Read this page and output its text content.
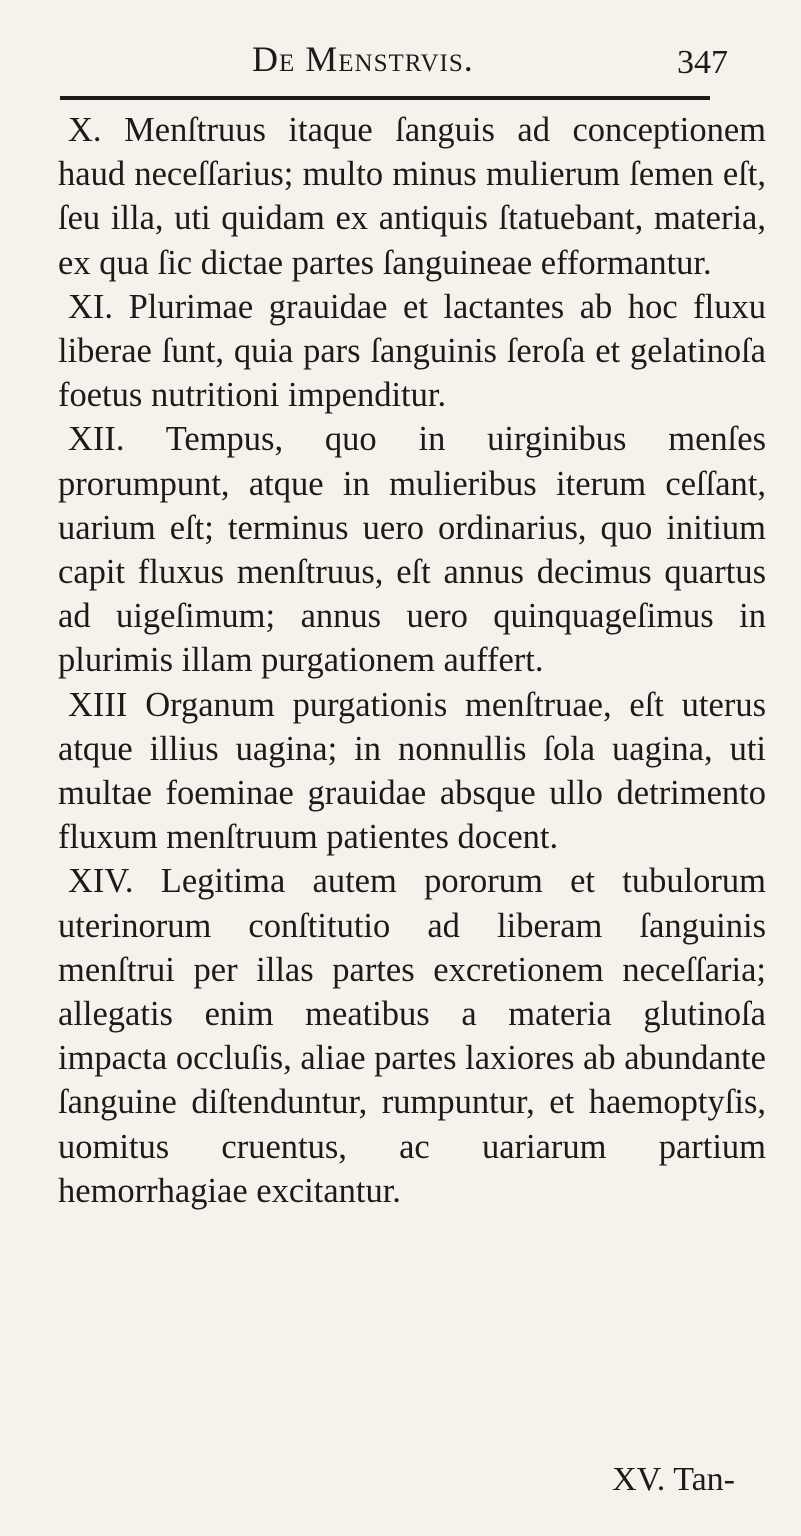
De Menstrvis.	347

X. Menſtruus itaque ſanguis ad conceptionem haud neceſſarius; multo minus mulierum ſemen eſt, ſeu illa, uti quidam ex antiquis ſtatuebant, materia, ex qua ſic dictae partes ſanguineae efformantur.

XI. Plurimae grauidae et lactantes ab hoc fluxu liberae ſunt, quia pars ſanguinis ſeroſa et gelatinoſa foetus nutritioni impenditur.

XII. Tempus, quo in uirginibus menſes prorumpunt, atque in mulieribus iterum ceſſant, uarium eſt; terminus uero ordinarius, quo initium capit fluxus menſtruus, eſt annus decimus quartus ad uigeſimum; annus uero quinquageſimus in plurimis illam purgationem auffert.

XIII Organum purgationis menſtruae, eſt uterus atque illius uagina; in nonnullis ſola uagina, uti multae foeminae grauidae absque ullo detrimento fluxum menſtruum patientes docent.

XIV. Legitima autem pororum et tubulorum uterinorum conſtitutio ad liberam ſanguinis menſtrui per illas partes excretionem neceſſaria; allegatis enim meatibus a materia glutinoſa impacta occluſis, aliae partes laxiores ab abundante ſanguine diſtenduntur, rumpuntur, et haemoptyſis, uomitus cruentus, ac uariarum partium hemorrhagiae excitantur.

XV. Tan-
